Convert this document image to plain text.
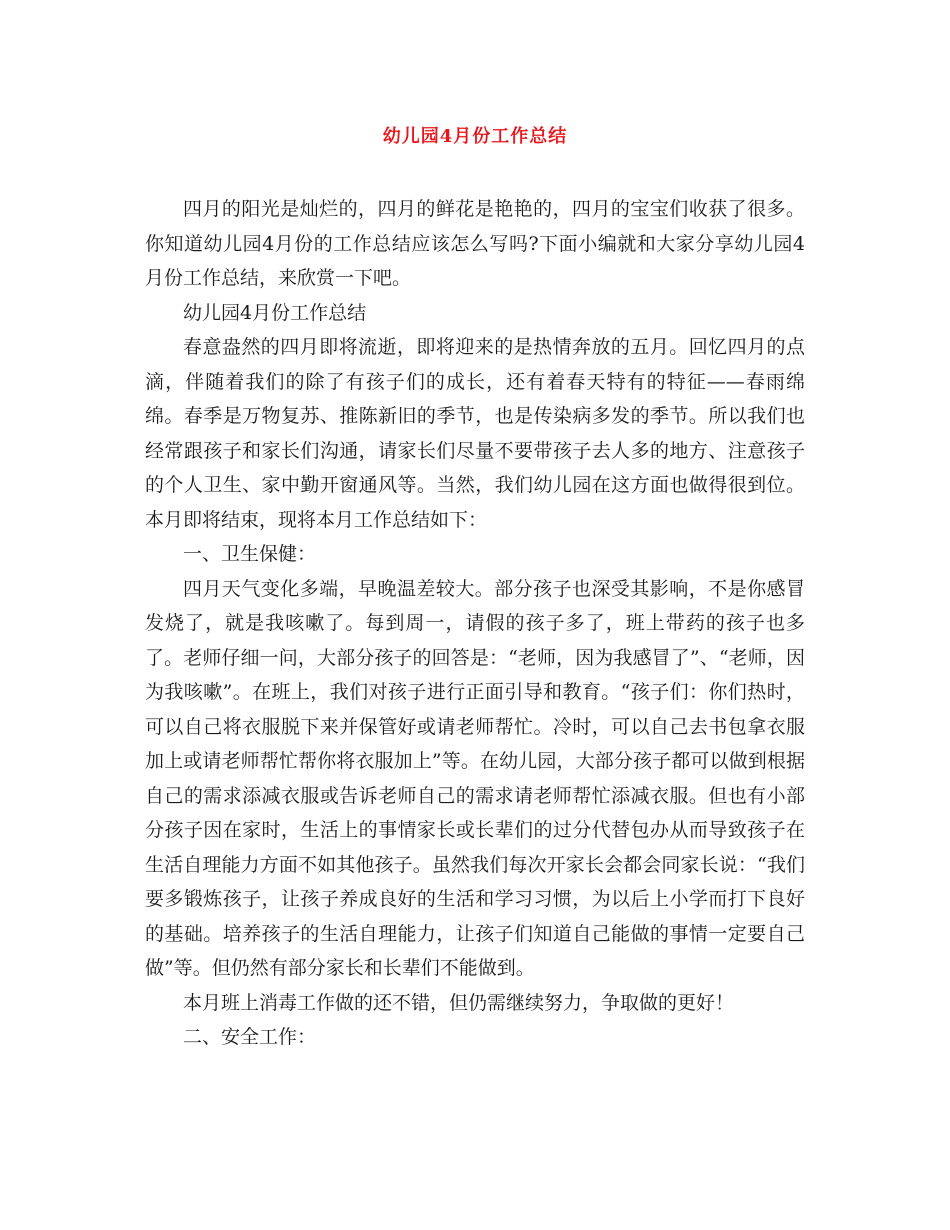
幼儿园4月份工作总结

四月的阳光是灿烂的，四月的鲜花是艳艳的，四月的宝宝们收获了很多。你知道幼儿园4月份的工作总结应该怎么写吗?下面小编就和大家分享幼儿园4月份工作总结，来欣赏一下吧。

幼儿园4月份工作总结

春意盎然的四月即将流逝，即将迎来的是热情奔放的五月。回忆四月的点滴，伴随着我们的除了有孩子们的成长，还有着春天特有的特征——春雨绵绵。春季是万物复苏、推陈新旧的季节，也是传染病多发的季节。所以我们也经常跟孩子和家长们沟通，请家长们尽量不要带孩子去人多的地方、注意孩子的个人卫生、家中勤开窗通风等。当然，我们幼儿园在这方面也做得很到位。本月即将结束，现将本月工作总结如下：

一、卫生保健：

四月天气变化多端，早晚温差较大。部分孩子也深受其影响，不是你感冒发烧了，就是我咳嗽了。每到周一，请假的孩子多了，班上带药的孩子也多了。老师仔细一问，大部分孩子的回答是：“老师，因为我感冒了”、“老师，因为我咳嗽”。在班上，我们对孩子进行正面引导和教育。“孩子们：你们热时，可以自己将衣服脱下来并保管好或请老师帮忙。冷时，可以自己去书包拿衣服加上或请老师帮忙帮你将衣服加上”等。在幼儿园，大部分孩子都可以做到根据自己的需求添减衣服或告诉老师自己的需求请老师帮忙添减衣服。但也有小部分孩子因在家时，生活上的事情家长或长辈们的过分代替包办从而导致孩子在生活自理能力方面不如其他孩子。虽然我们每次开家长会都会同家长说：“我们要多锻炼孩子，让孩子养成良好的生活和学习习惯，为以后上小学而打下良好的基础。培养孩子的生活自理能力，让孩子们知道自己能做的事情一定要自己做”等。但仍然有部分家长和长辈们不能做到。

本月班上消毒工作做的还不错，但仍需继续努力，争取做的更好！

二、安全工作：
